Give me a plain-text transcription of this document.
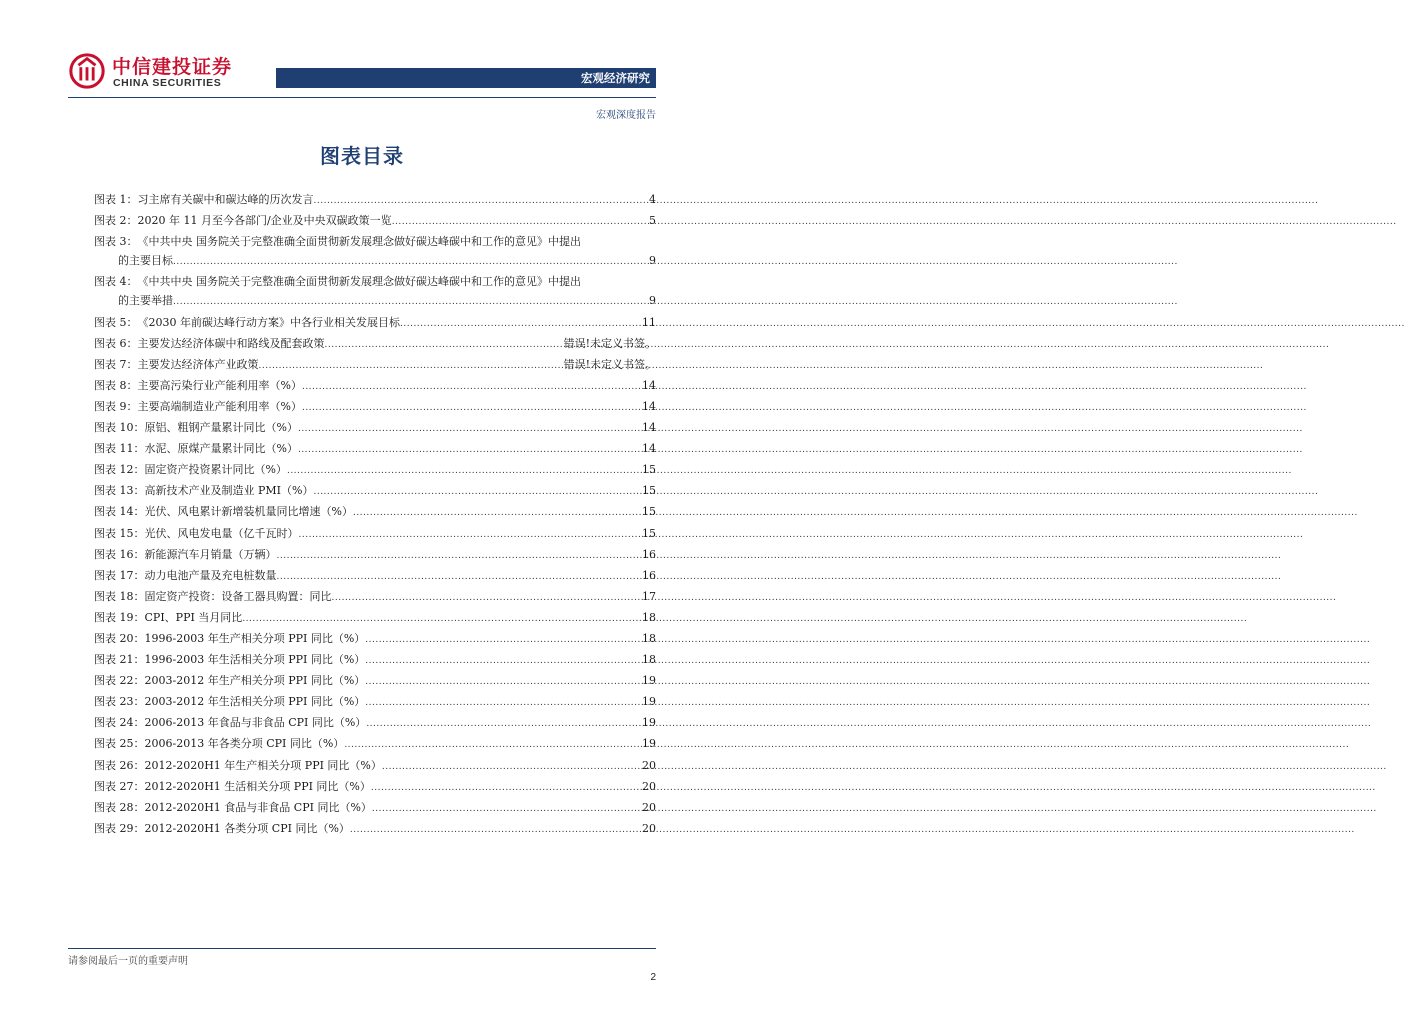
中信建投证券
CHINA SECURITIES	宏观经济研究
宏观深度报告
图表目录
图表 1： 习主席有关碳中和碳达峰的历次发言 .....	4
图表 2： 2020 年 11 月至今各部门/企业及中央双碳政策一览 .....	5
图表 3： 《中共中央 国务院关于完整准确全面贯彻新发展理念做好碳达峰碳中和工作的意见》中提出
的主要目标 .....	9
图表 4： 《中共中央 国务院关于完整准确全面贯彻新发展理念做好碳达峰碳中和工作的意见》中提出
的主要举措 .....	9
图表 5： 《2030 年前碳达峰行动方案》中各行业相关发展目标 .....	11
图表 6： 主要发达经济体碳中和路线及配套政策 .....	错误!未定义书签。
图表 7： 主要发达经济体产业政策 .....	错误!未定义书签。
图表 8： 主要高污染行业产能利用率（%） .....	14
图表 9： 主要高端制造业产能利用率（%） .....	14
图表 10： 原铝、粗钢产量累计同比（%） .....	14
图表 11： 水泥、原煤产量累计同比（%） .....	14
图表 12： 固定资产投资累计同比（%） .....	15
图表 13： 高新技术产业及制造业 PMI（%） .....	15
图表 14： 光伏、风电累计新增装机量同比增速（%） .....	15
图表 15： 光伏、风电发电量（亿千瓦时） .....	15
图表 16： 新能源汽车月销量（万辆） .....	16
图表 17： 动力电池产量及充电桩数量 .....	16
图表 18： 固定资产投资：设备工器具购置：同比 .....	17
图表 19： CPI、PPI 当月同比 .....	18
图表 20： 1996-2003 年生产相关分项 PPI 同比（%） .....	18
图表 21： 1996-2003 年生活相关分项 PPI 同比（%） .....	18
图表 22： 2003-2012 年生产相关分项 PPI 同比（%） .....	19
图表 23： 2003-2012 年生活相关分项 PPI 同比（%） .....	19
图表 24： 2006-2013 年食品与非食品 CPI 同比（%） .....	19
图表 25： 2006-2013 年各类分项 CPI 同比（%） .....	19
图表 26： 2012-2020H1 年生产相关分项 PPI 同比（%） .....	20
图表 27： 2012-2020H1 生活相关分项 PPI 同比（%） .....	20
图表 28： 2012-2020H1 食品与非食品 CPI 同比（%） .....	20
图表 29： 2012-2020H1 各类分项 CPI 同比（%） .....	20
请参阅最后一页的重要声明
2
